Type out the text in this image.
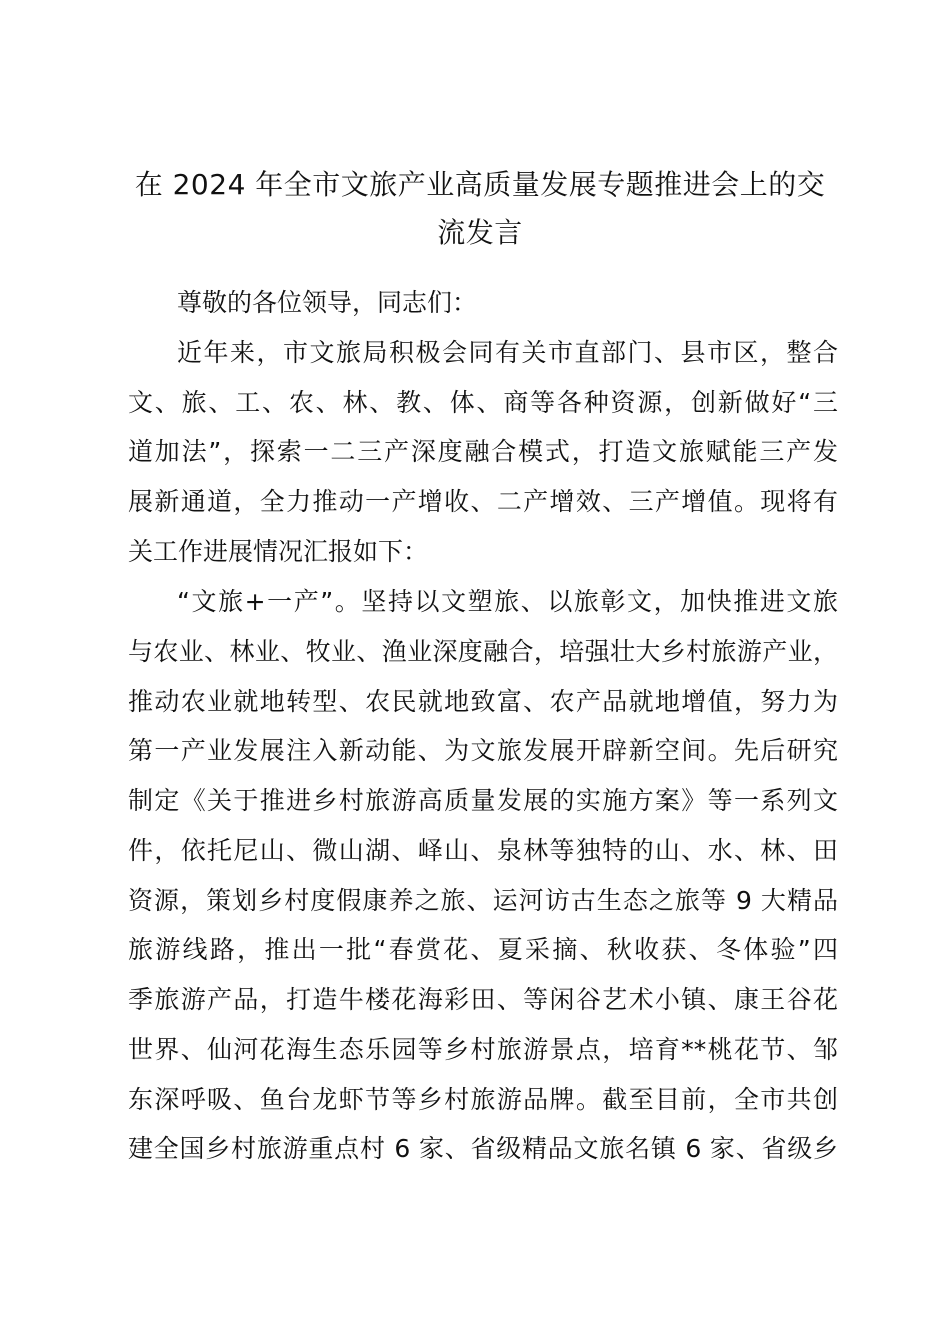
在 2024 年全市文旅产业高质量发展专题推进会上的交
流发言

尊敬的各位领导，同志们：

近年来，市文旅局积极会同有关市直部门、县市区，整合

文、旅、工、农、林、教、体、商等各种资源，创新做好“三

道加法”，探索一二三产深度融合模式，打造文旅赋能三产发

展新通道，全力推动一产增收、二产增效、三产增值。现将有

关工作进展情况汇报如下：

“文旅+一产”。坚持以文塑旅、以旅彰文，加快推进文旅

与农业、林业、牧业、渔业深度融合，培强壮大乡村旅游产业，

推动农业就地转型、农民就地致富、农产品就地增值，努力为

第一产业发展注入新动能、为文旅发展开辟新空间。先后研究

制定《关于推进乡村旅游高质量发展的实施方案》等一系列文

件，依托尼山、微山湖、峄山、泉林等独特的山、水、林、田

资源，策划乡村度假康养之旅、运河访古生态之旅等 9 大精品

旅游线路，推出一批“春赏花、夏采摘、秋收获、冬体验”四

季旅游产品，打造牛楼花海彩田、等闲谷艺术小镇、康王谷花

世界、仙河花海生态乐园等乡村旅游景点，培育**桃花节、邹

东深呼吸、鱼台龙虾节等乡村旅游品牌。截至目前，全市共创

建全国乡村旅游重点村 6 家、省级精品文旅名镇 6 家、省级乡
